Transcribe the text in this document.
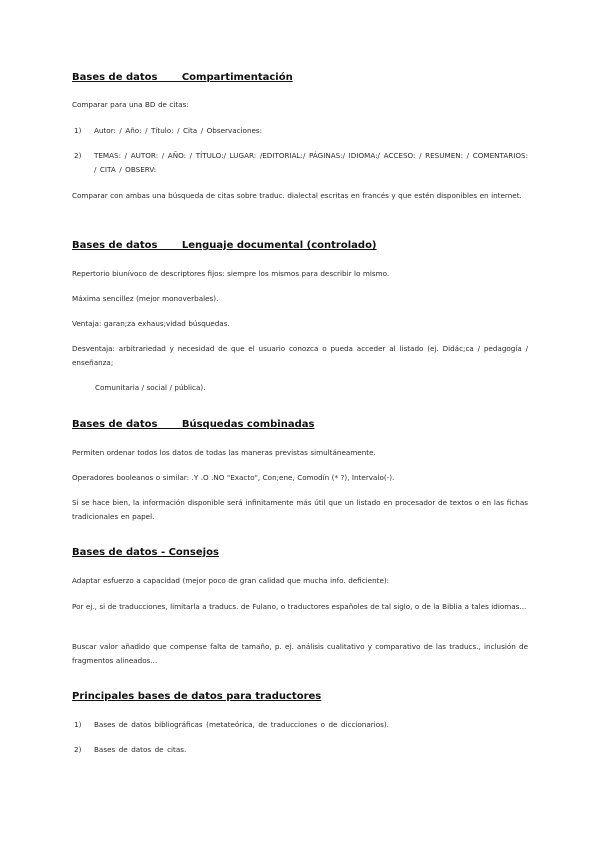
Bases de datos       Compartimentación
Comparar para una BD de citas:
1) Autor: / Año: / Título: / Cita / Observaciones:
2) TEMAS: / AUTOR: / AÑO: / TÍTULO:/ LUGAR: /EDITORIAL:/ PÁGINAS:/ IDIOMA:/ ACCESO: / RESUMEN: / COMENTARIOS: / CITA / OBSERV:
Comparar con ambas una búsqueda de citas sobre traduc. dialectal escritas en francés y que estén disponibles en internet.
Bases de datos       Lenguaje documental (controlado)
Repertorio biunívoco de descriptores fijos: siempre los mismos para describir lo mismo.
Máxima sencillez (mejor monoverbales).
Ventaja: garan;za exhaus;vidad búsquedas.
Desventaja: arbitrariedad y necesidad de que el usuario conozca o pueda acceder al listado (ej. Didác;ca / pedagogía / enseñanza;
Comunitaria / social / pública).
Bases de datos       Búsquedas combinadas
Permiten ordenar todos los datos de todas las maneras previstas simultáneamente.
Operadores booleanos o similar: .Y .O .NO "Exacto", Con;ene, Comodín (* ?), Intervalo(-).
Si se hace bien, la información disponible será infinitamente más útil que un listado en procesador de textos o en las fichas tradicionales en papel.
Bases de datos - Consejos
Adaptar esfuerzo a capacidad (mejor poco de gran calidad que mucha info. deficiente):
Por ej., si de traducciones, limitarla a traducs. de Fulano, o traductores españoles de tal siglo, o de la Biblia a tales idiomas...
Buscar valor añadido que compense falta de tamaño, p. ej. análisis cualitativo y comparativo de las traducs., inclusión de fragmentos alineados...
Principales bases de datos para traductores
1) Bases de datos bibliográficas (metateórica, de traducciones o de diccionarios).
2) Bases de datos de citas.
